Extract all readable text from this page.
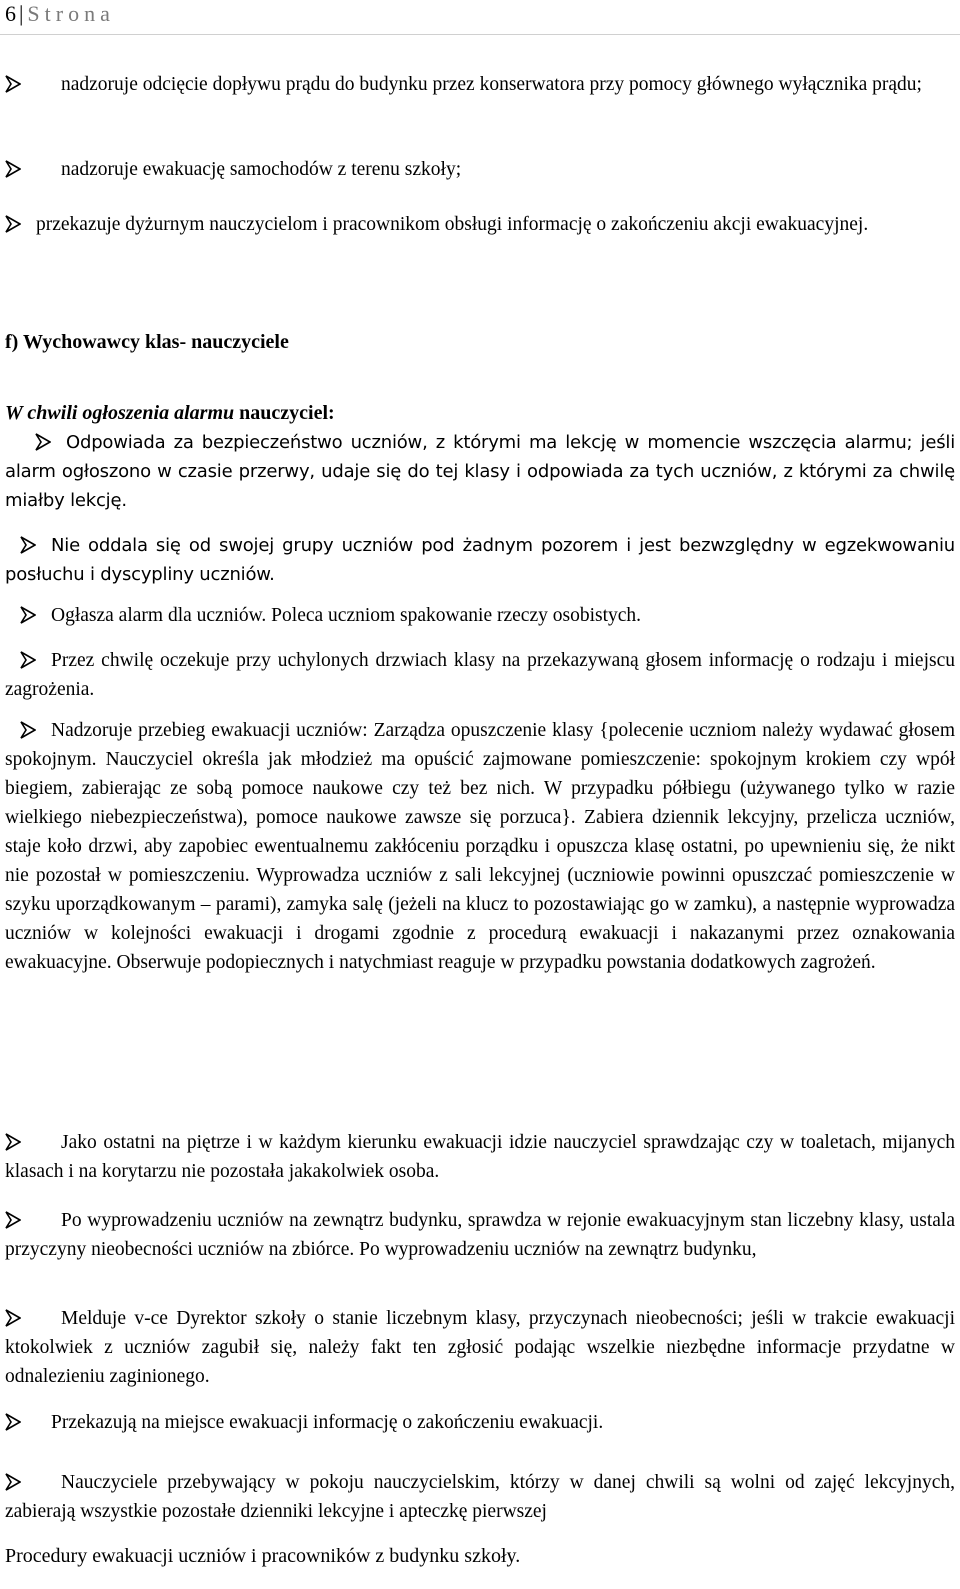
6 | Strona
nadzoruje odcięcie dopływu prądu do budynku przez konserwatora przy pomocy głównego wyłącznika prądu;
nadzoruje ewakuację samochodów z terenu szkoły;
przekazuje dyżurnym nauczycielom i pracownikom obsługi informację o zakończeniu akcji ewakuacyjnej.
f) Wychowawcy klas- nauczyciele
W chwili ogłoszenia alarmu nauczyciel:
Odpowiada za bezpieczeństwo uczniów, z którymi ma lekcję w momencie wszczęcia alarmu; jeśli alarm ogłoszono w czasie przerwy, udaje się do tej klasy i odpowiada za tych uczniów, z którymi za chwilę miałby lekcję.
Nie oddala się od swojej grupy uczniów pod żadnym pozorem i jest bezwzględny w egzekwowaniu posłuchu i dyscypliny uczniów.
Ogłasza alarm dla uczniów. Poleca uczniom spakowanie rzeczy osobistych.
Przez chwilę oczekuje przy uchylonych drzwiach klasy na przekazywaną głosem informację o rodzaju i miejscu zagrożenia.
Nadzoruje przebieg ewakuacji uczniów: Zarządza opuszczenie klasy {polecenie uczniom należy wydawać głosem spokojnym. Nauczyciel określa jak młodzież ma opuścić zajmowane pomieszczenie: spokojnym krokiem czy wpół biegiem, zabierając ze sobą pomoce naukowe czy też bez nich. W przypadku półbiegu (używanego tylko w razie wielkiego niebezpieczeństwa), pomoce naukowe zawsze się porzuca}. Zabiera dziennik lekcyjny, przelicza uczniów, staje koło drzwi, aby zapobiec ewentualnemu zakłóceniu porządku i opuszcza klasę ostatni, po upewnieniu się, że nikt nie pozostał w pomieszczeniu. Wyprowadza uczniów z sali lekcyjnej (uczniowie powinni opuszczać pomieszczenie w szyku uporządkowanym – parami), zamyka salę (jeżeli na klucz to pozostawiając go w zamku), a następnie wyprowadza uczniów w kolejności ewakuacji i drogami zgodnie z procedurą ewakuacji i nakazanymi przez oznakowania ewakuacyjne. Obserwuje podopiecznych i natychmiast reaguje w przypadku powstania dodatkowych zagrożeń.
Jako ostatni na piętrze i w każdym kierunku ewakuacji idzie nauczyciel sprawdzając czy w toaletach, mijanych klasach i na korytarzu nie pozostała jakakolwiek osoba.
Po wyprowadzeniu uczniów na zewnątrz budynku, sprawdza w rejonie ewakuacyjnym stan liczebny klasy, ustala przyczyny nieobecności uczniów na zbiórce. Po wyprowadzeniu uczniów na zewnątrz budynku,
Melduje v-ce Dyrektor szkoły o stanie liczebnym klasy, przyczynach nieobecności; jeśli w trakcie ewakuacji ktokolwiek z uczniów zagubił się, należy fakt ten zgłosić podając wszelkie niezbędne informacje przydatne w odnalezieniu zaginionego.
Przekazują na miejsce ewakuacji informację o zakończeniu ewakuacji.
Nauczyciele przebywający w pokoju nauczycielskim, którzy w danej chwili są wolni od zajęć lekcyjnych, zabierają wszystkie pozostałe dzienniki lekcyjne i apteczkę pierwszej
Procedury ewakuacji uczniów i pracowników z budynku szkoły.
